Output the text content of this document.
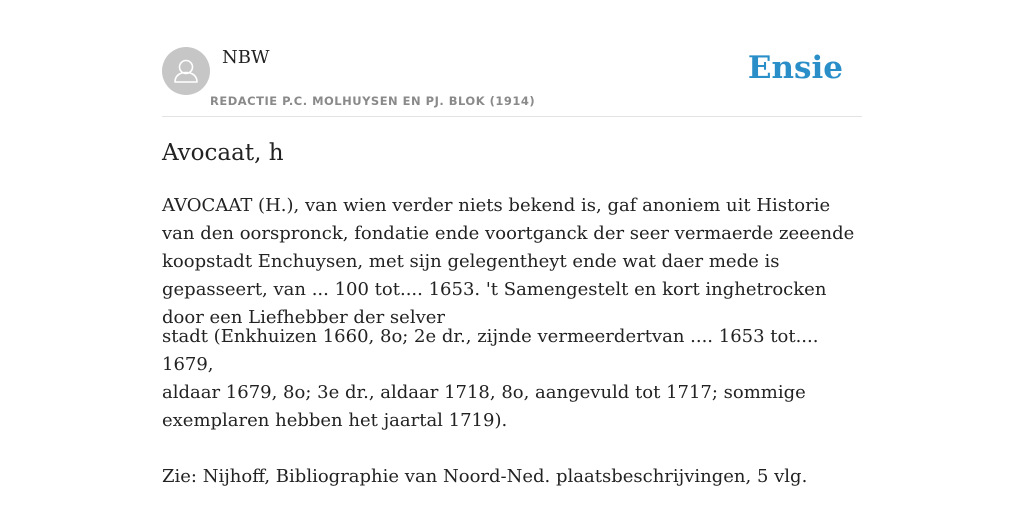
NBW
REDACTIE P.C. MOLHUYSEN EN PJ. BLOK (1914)
Ensie
Avocaat, h

AVOCAAT (H.), van wien verder niets bekend is, gaf anoniem uit Historie van den oorspronck, fondatie ende voortganck der seer vermaerde zeeende koopstadt Enchuysen, met sijn gelegentheyt ende wat daer mede is gepasseert, van ... 100 tot.... 1653. 't Samengestelt en kort inghetrocken door een Liefhebber der selver

stadt (Enkhuizen 1660, 8o; 2e dr., zijnde vermeerdertvan .... 1653 tot.... 1679,

aldaar 1679, 8o; 3e dr., aldaar 1718, 8o, aangevuld tot 1717; sommige exemplaren hebben het jaartal 1719).

Zie: Nijhoff, Bibliographie van Noord-Ned. plaatsbeschrijvingen, 5 vlg.
